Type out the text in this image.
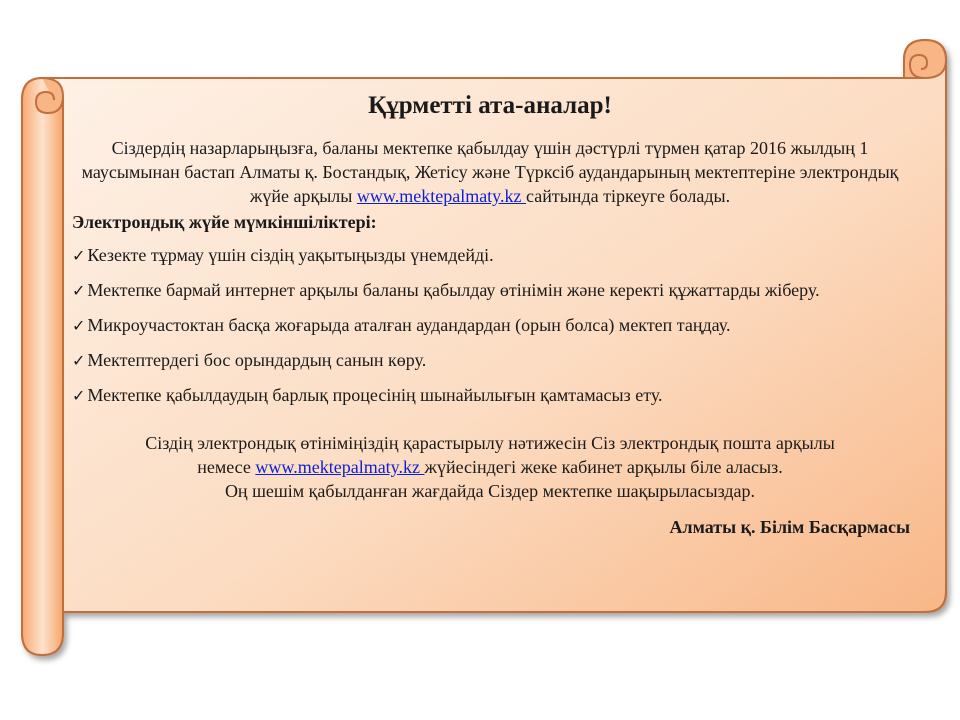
Құрметті ата-аналар!

Сіздердің назарларыңызға, баланы мектепке қабылдау үшін дәстүрлі түрмен қатар 2016 жылдың 1 маусымынан бастап Алматы қ. Бостандық, Жетісу және Түрксіб аудандарының мектептеріне электрондық жүйе арқылы www.mektepalmaty.kz сайтында тіркеуге болады.

Электрондық жүйе мүмкіншіліктері:
✓ Кезекте тұрмау үшін сіздің уақытыңызды үнемдейді.
✓ Мектепке бармай интернет арқылы баланы қабылдау өтінімін және керекті құжаттарды жіберу.
✓ Микроучастоктан басқа жоғарыда аталған аудандардан (орын болса) мектеп таңдау.
✓ Мектептердегі бос орындардың санын көру.
✓ Мектепке қабылдаудың барлық процесінің шынайылығын қамтамасыз ету.

Сіздің электрондық өтініміңіздің қарастырылу нәтижесін Сіз электрондық пошта арқылы
немесе www.mektepalmaty.kz жүйесіндегі жеке кабинет арқылы біле аласыз.
Оң шешім қабылданған жағдайда Сіздер мектепке шақырыласыздар.

Алматы қ. Білім Басқармасы
